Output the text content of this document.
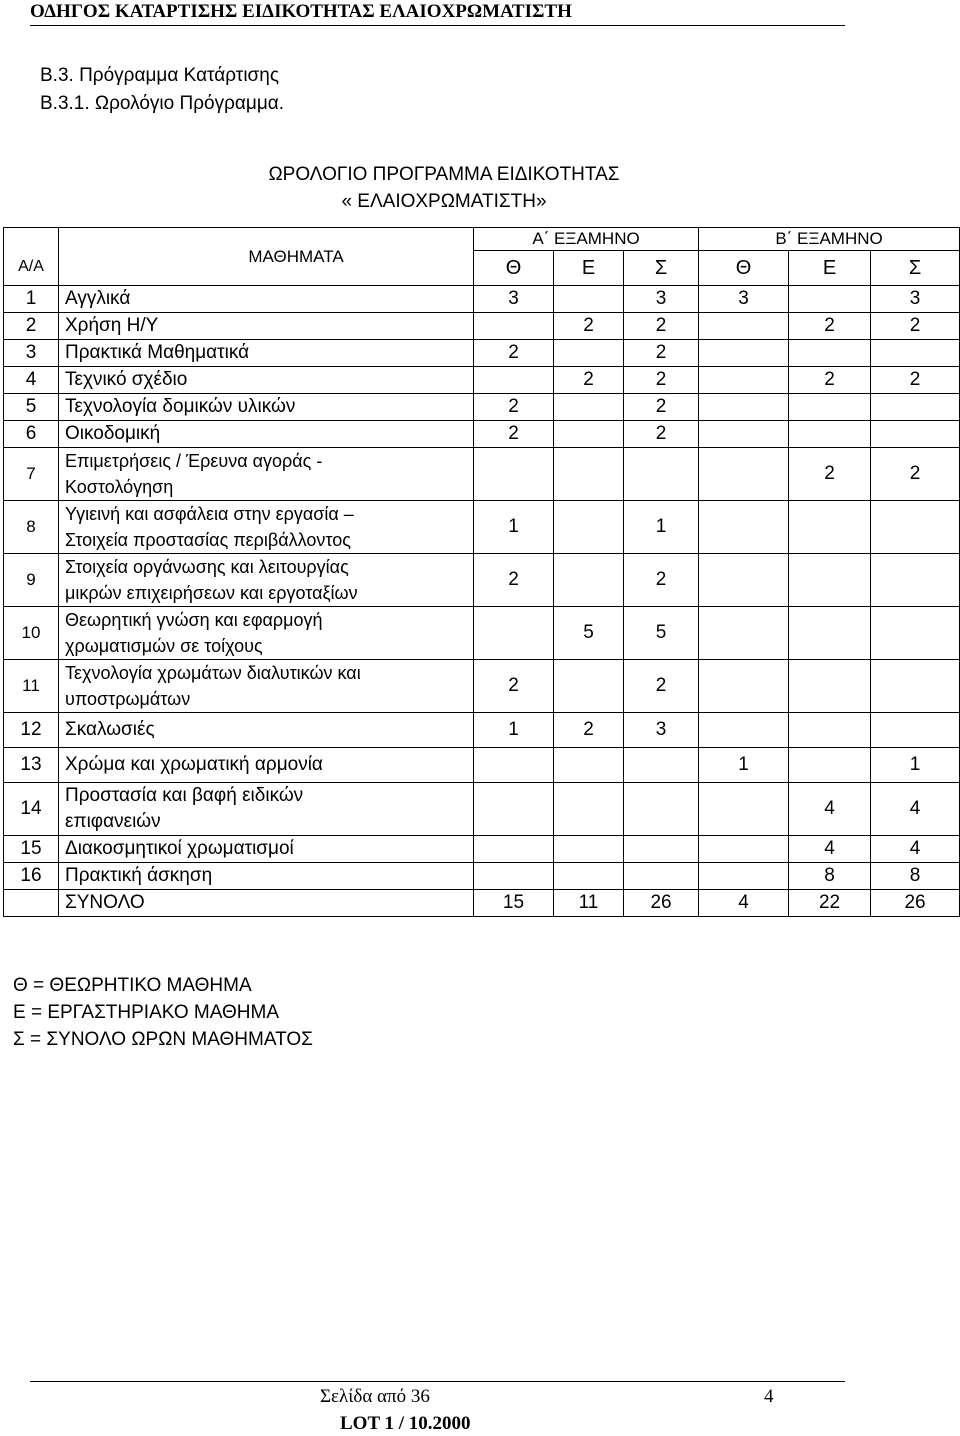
ΟΔΗΓΟΣ ΚΑΤΑΡΤΙΣΗΣ ΕΙΔΙΚΟΤΗΤΑΣ ΕΛΑΙΟΧΡΩΜΑΤΙΣΤΗ
Β.3. Πρόγραμμα Κατάρτισης
Β.3.1. Ωρολόγιο Πρόγραμμα.
ΩΡΟΛΟΓΙΟ ΠΡΟΓΡΑΜΜΑ ΕΙΔΙΚΟΤΗΤΑΣ
« ΕΛΑΙΟΧΡΩΜΑΤΙΣΤΗ»
Α/Α	ΜΑΘΗΜΑΤΑ	Α΄ ΕΞΑΜΗΝΟ			Β΄ ΕΞΑΜΗΝΟ		
		Θ	Ε	Σ	Θ	Ε	Σ
1	Αγγλικά	3		3	3		3
2	Χρήση Η/Υ		2	2		2	2
3	Πρακτικά Μαθηματικά	2		2			
4	Τεχνικό σχέδιο		2	2		2	2
5	Τεχνολογία δομικών υλικών	2		2			
6	Οικοδομική	2		2			
7	Επιμετρήσεις / Έρευνα αγοράς -
Κοστολόγηση					2	2
8	Υγιεινή και ασφάλεια στην εργασία –
Στοιχεία προστασίας περιβάλλοντος	1		1			
9	Στοιχεία οργάνωσης και λειτουργίας
μικρών επιχειρήσεων και εργοταξίων	2		2			
10	Θεωρητική γνώση και εφαρμογή
χρωματισμών σε τοίχους		5	5			
11	Τεχνολογία χρωμάτων διαλυτικών και
υποστρωμάτων	2		2			
12	Σκαλωσιές	1	2	3			
13	Χρώμα και χρωματική αρμονία				1		1
14	Προστασία και βαφή ειδικών
επιφανειών					4	4
15	Διακοσμητικοί χρωματισμοί					4	4
16	Πρακτική άσκηση					8	8
	ΣΥΝΟΛΟ	15	11	26	4	22	26
Θ = ΘΕΩΡΗΤΙΚΟ ΜΑΘΗΜΑ
Ε = ΕΡΓΑΣΤΗΡΙΑΚΟ ΜΑΘΗΜΑ
Σ = ΣΥΝΟΛΟ ΩΡΩΝ ΜΑΘΗΜΑΤΟΣ
Σελίδα από 36	4
LOT 1 / 10.2000
